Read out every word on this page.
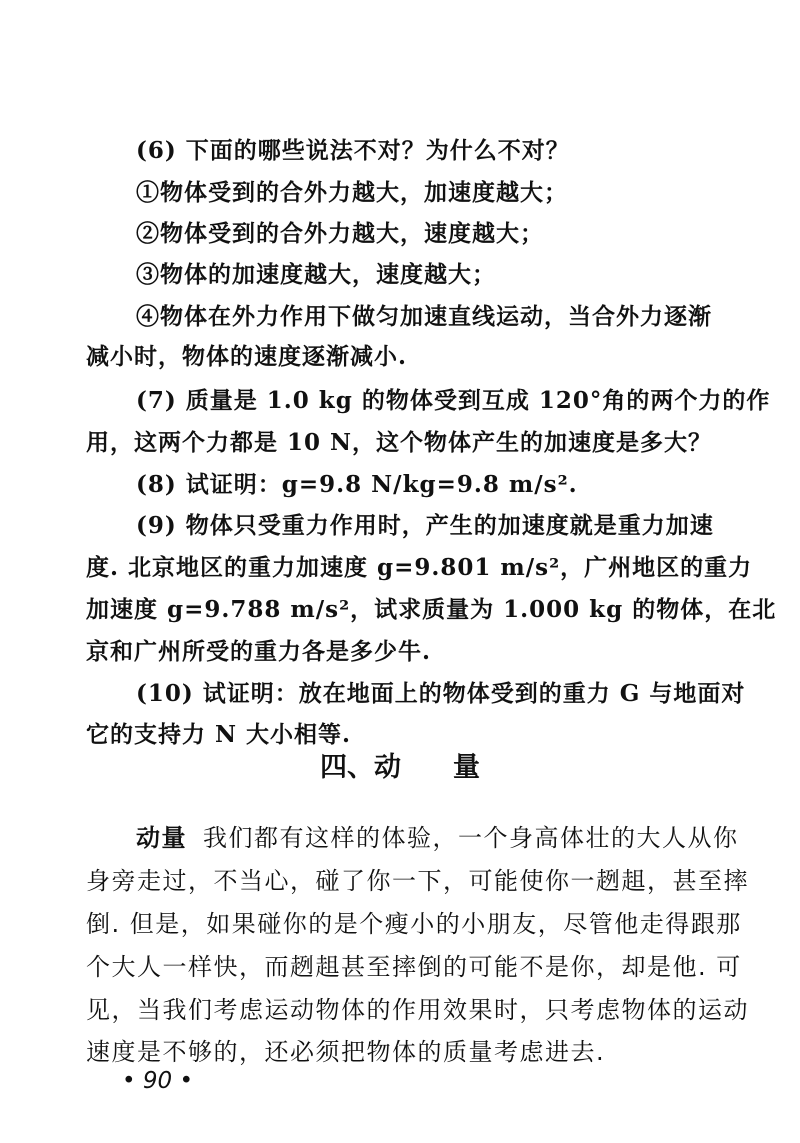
(6) 下面的哪些说法不对？为什么不对？
①物体受到的合外力越大，加速度越大；
②物体受到的合外力越大，速度越大；
③物体的加速度越大，速度越大；
④物体在外力作用下做匀加速直线运动，当合外力逐渐
减小时，物体的速度逐渐减小.
(7) 质量是 1.0 kg 的物体受到互成 120°角的两个力的作
用，这两个力都是 10 N，这个物体产生的加速度是多大？
(8) 试证明：g=9.8 N/kg=9.8 m/s².
(9) 物体只受重力作用时，产生的加速度就是重力加速
度. 北京地区的重力加速度 g=9.801 m/s²，广州地区的重力
加速度 g=9.788 m/s²，试求质量为 1.000 kg 的物体，在北
京和广州所受的重力各是多少牛.
(10) 试证明：放在地面上的物体受到的重力 G 与地面对
它的支持力 N 大小相等.
四、动 量
动量 我们都有这样的体验，一个身高体壮的大人从你
身旁走过，不当心，碰了你一下，可能使你一趔趄，甚至摔
倒. 但是，如果碰你的是个瘦小的小朋友，尽管他走得跟那
个大人一样快，而趔趄甚至摔倒的可能不是你，却是他. 可
见，当我们考虑运动物体的作用效果时，只考虑物体的运动
速度是不够的，还必须把物体的质量考虑进去.
• 90 •
